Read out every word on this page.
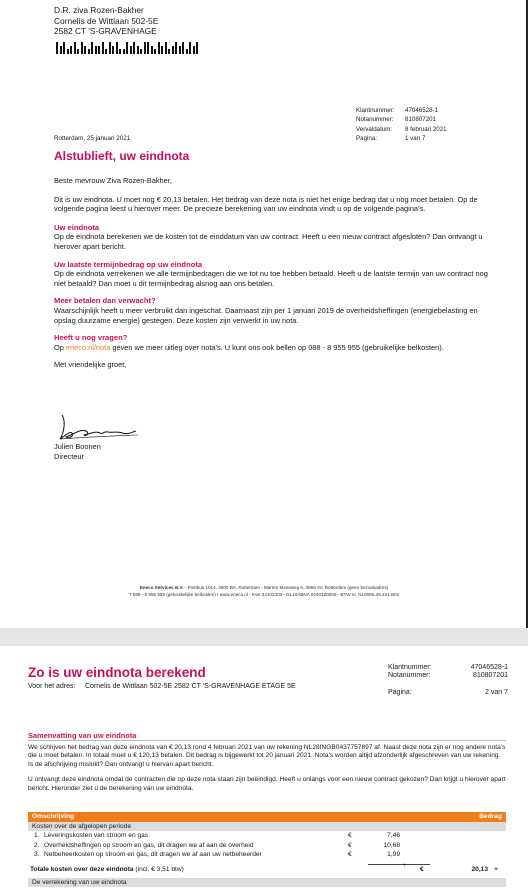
D.R. ziva Rozen-Bakher
Cornelis de Wittlaan 502-5E
2582 CT 'S-GRAVENHAGE
Klantnummer:	47046528-1
Notanummer:	810807201
Vervaldatum:	8 februari 2021
Pagina:	1 van 7
Rotterdam, 25 januari 2021
Alstublieft, uw eindnota

Beste mevrouw Ziva Rozen-Bakher,

Dit is uw eindnota. U moet nog € 20,13 betalen. Het bedrag van deze nota is niet het enige bedrag dat u nog moet betalen. Op de volgende pagina leest u hierover meer. De precieze berekening van uw eindnota vindt u op de volgende pagina’s.

Uw eindnota

Op de eindnota berekenen we de kosten tot de einddatum van uw contract. Heeft u een nieuw contract afgesloten? Dan ontvangt u hierover apart bericht.

Uw laatste termijnbedrag op uw eindnota

Op de eindnota verrekenen we alle termijnbedragen die we tot nu toe hebben betaald. Heeft u de laatste termijn van uw contract nog niet betaald? Dan moet u dit termijnbedrag alsnog aan ons betalen.

Meer betalen dan verwacht?

Waarschijnlijk heeft u meer verbruikt dan ingeschat. Daarnaast zijn per 1 januari 2019 de overheidsheffingen (energiebelasting en opslag duurzame energie) gestegen. Deze kosten zijn verwerkt in uw nota.

Heeft u nog vragen?

Op eneco.nl/nota geven we meer uitleg over nota’s. U kunt ons ook bellen op 088 - 8 955 955 (gebruikelijke belkosten).

Met vriendelijke groet,

Julien Boonen
Directeur
Eneco Services B.V. - Postbus 1014, 3000 BA, Rotterdam - Marten Meesweg 5, 3068 AV, Rotterdam (geen bezoekadres)
T 088 - 8 955 955 (gebruikelijke belkosten) I www.eneco.nl - KvK 34102303 - NL10ABNA 0240120000 - BTW nr. NL8065.49.221.B01
Zo is uw eindnota berekend
Voor het adres:	Cornelis de Wittlaan 502-5E 2582 CT 'S-GRAVENHAGE ETAGE 5E
Klantnummer:	47046528-1
Notanummer:	810807201
Pagina:	2 van 7
Samenvatting van uw eindnota

We schrijven het bedrag van deze eindnota van € 20,13 rond 4 februari 2021 van uw rekening NL28INGB0437757897 af. Naast deze nota zijn er nog andere nota’s die u moet betalen. In totaal moet u € 120,13 betalen. Dit bedrag is bijgewerkt tot 20 januari 2021. Nota’s worden altijd afzonderlijk afgeschreven van uw rekening. Is de afschrijving mislukt? Dan ontvangt u hiervan apart bericht.

U ontvangt deze eindnota omdat de contracten die op deze nota staan zijn beëindigd. Heeft u onlangs voor een nieuw contract gekozen? Dan krijgt u hierover apart bericht. Hieronder ziet u de berekening van uw eindnota.

Omschrijving	Bedrag
Kosten over de afgelopen periode
1. Leveringskosten van stroom en gas	€	7,46
2. Overheidsheffingen op stroom en gas, dit dragen we af aan de overheid	€	10,68
3. Netbeheerkosten op stroom en gas, dit dragen we af aan uw netbeheerder	€	1,99
+
Totale kosten over deze eindnota (incl. € 3,51 btw)	€	20,13 +
De verrekening van uw eindnota
